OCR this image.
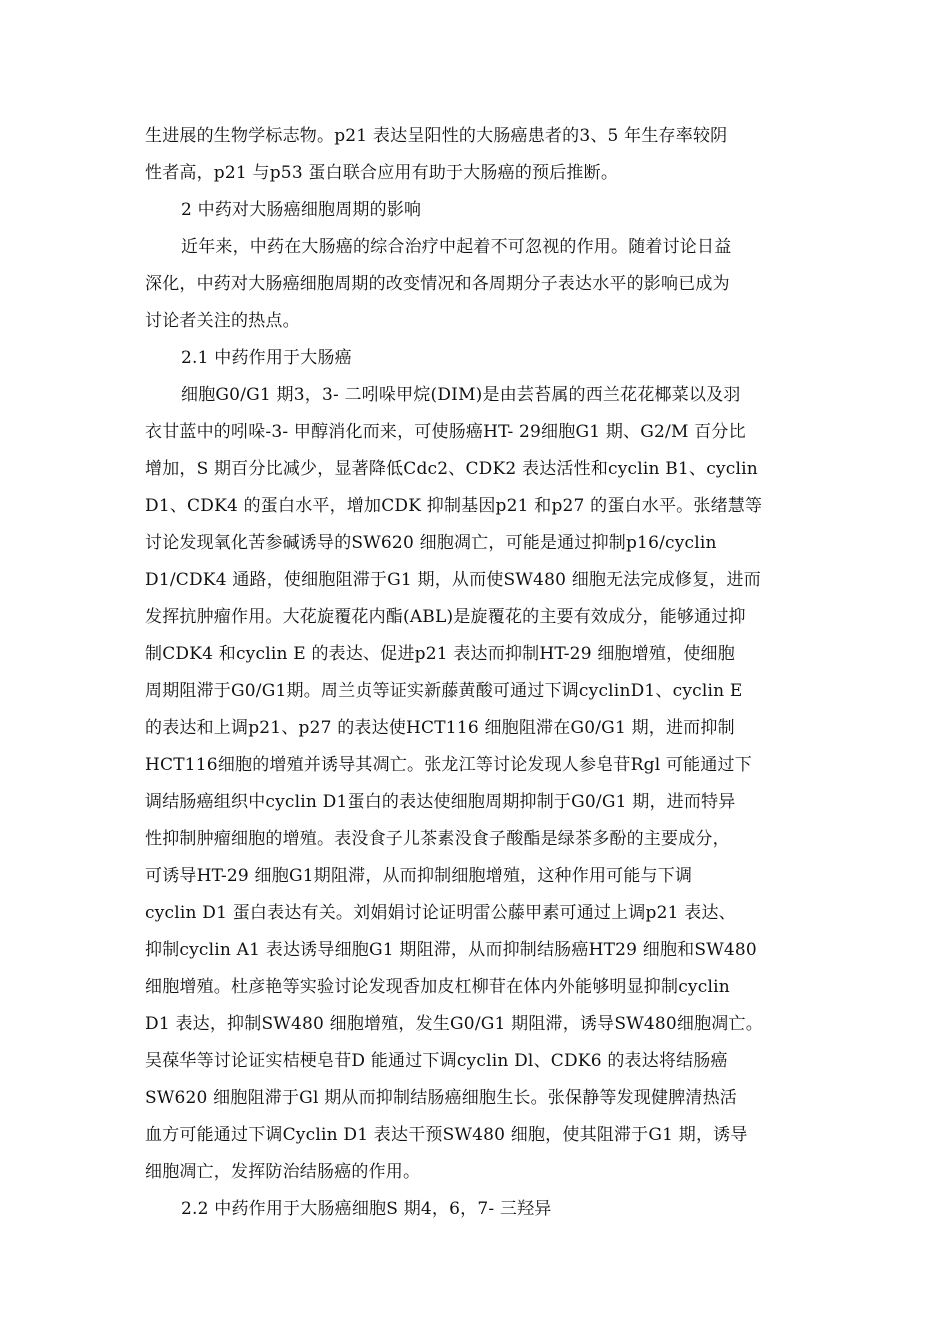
生进展的生物学标志物。p21 表达呈阳性的大肠癌患者的3、5 年生存率较阴
性者高，p21 与p53 蛋白联合应用有助于大肠癌的预后推断。
2 中药对大肠癌细胞周期的影响
近年来，中药在大肠癌的综合治疗中起着不可忽视的作用。随着讨论日益
深化，中药对大肠癌细胞周期的改变情况和各周期分子表达水平的影响已成为
讨论者关注的热点。
2.1 中药作用于大肠癌
细胞G0/G1 期3，3- 二吲哚甲烷(DIM)是由芸苔属的西兰花花椰菜以及羽
衣甘蓝中的吲哚-3- 甲醇消化而来，可使肠癌HT- 29细胞G1 期、G2/M 百分比
增加，S 期百分比减少，显著降低Cdc2、CDK2 表达活性和cyclin B1、cyclin
D1、CDK4 的蛋白水平，增加CDK 抑制基因p21 和p27 的蛋白水平。张绪慧等
讨论发现氧化苦参碱诱导的SW620 细胞凋亡，可能是通过抑制p16/cyclin
D1/CDK4 通路，使细胞阻滞于G1 期，从而使SW480 细胞无法完成修复，进而
发挥抗肿瘤作用。大花旋覆花内酯(ABL)是旋覆花的主要有效成分，能够通过抑
制CDK4 和cyclin E 的表达、促进p21 表达而抑制HT-29 细胞增殖，使细胞
周期阻滞于G0/G1期。周兰贞等证实新藤黄酸可通过下调cyclinD1、cyclin E
的表达和上调p21、p27 的表达使HCT116 细胞阻滞在G0/G1 期，进而抑制
HCT116细胞的增殖并诱导其凋亡。张龙江等讨论发现人参皂苷Rgl 可能通过下
调结肠癌组织中cyclin D1蛋白的表达使细胞周期抑制于G0/G1 期，进而特异
性抑制肿瘤细胞的增殖。表没食子儿茶素没食子酸酯是绿茶多酚的主要成分，
可诱导HT-29 细胞G1期阻滞，从而抑制细胞增殖，这种作用可能与下调
cyclin D1 蛋白表达有关。刘娟娟讨论证明雷公藤甲素可通过上调p21 表达、
抑制cyclin A1 表达诱导细胞G1 期阻滞，从而抑制结肠癌HT29 细胞和SW480
细胞增殖。杜彦艳等实验讨论发现香加皮杠柳苷在体内外能够明显抑制cyclin
D1 表达，抑制SW480 细胞增殖，发生G0/G1 期阻滞，诱导SW480细胞凋亡。
吴葆华等讨论证实桔梗皂苷D 能通过下调cyclin Dl、CDK6 的表达将结肠癌
SW620 细胞阻滞于Gl 期从而抑制结肠癌细胞生长。张保静等发现健脾清热活
血方可能通过下调Cyclin D1 表达干预SW480 细胞，使其阻滞于G1 期，诱导
细胞凋亡，发挥防治结肠癌的作用。
2.2 中药作用于大肠癌细胞S 期4，6，7- 三羟异
